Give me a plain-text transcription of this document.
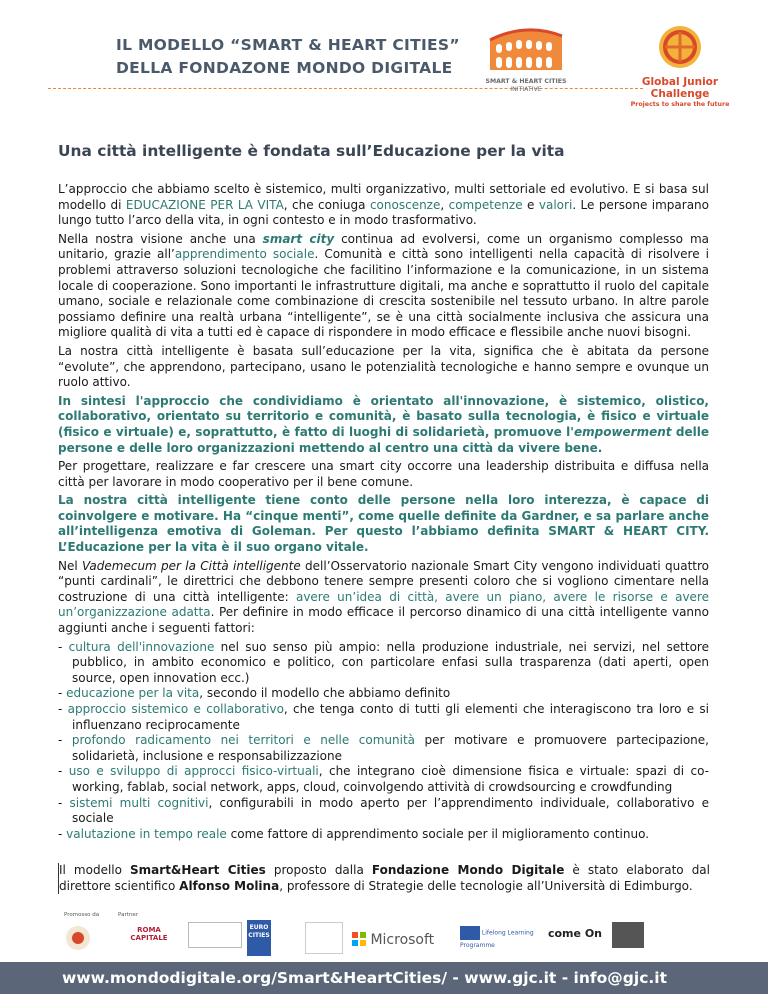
IL MODELLO “SMART & HEART CITIES”
DELLA FONDAZONE MONDO DIGITALE
SMART & HEART CITIES
INITIATIVE
Global Junior Challenge
Projects to share the future
Una città intelligente è fondata sull’Educazione per la vita

L’approccio che abbiamo scelto è sistemico, multi organizzativo, multi settoriale ed evolutivo. E si basa sul modello di EDUCAZIONE PER LA VITA, che coniuga conoscenze, competenze e valori. Le persone imparano lungo tutto l’arco della vita, in ogni contesto e in modo trasformativo.

Nella nostra visione anche una smart city continua ad evolversi, come un organismo complesso ma unitario, grazie all’apprendimento sociale. Comunità e città sono intelligenti nella capacità di risolvere i problemi attraverso soluzioni tecnologiche che facilitino l’informazione e la comunicazione, in un sistema locale di cooperazione. Sono importanti le infrastrutture digitali, ma anche e soprattutto il ruolo del capitale umano, sociale e relazionale come combinazione di crescita sostenibile nel tessuto urbano. In altre parole possiamo definire una realtà urbana “intelligente”, se è una città socialmente inclusiva che assicura una migliore qualità di vita a tutti ed è capace di rispondere in modo efficace e flessibile anche nuovi bisogni.

La nostra città intelligente è basata sull’educazione per la vita, significa che è abitata da persone “evolute”, che apprendono, partecipano, usano le potenzialità tecnologiche e hanno sempre e ovunque un ruolo attivo.

In sintesi l'approccio che condividiamo è orientato all'innovazione, è sistemico, olistico, collaborativo, orientato su territorio e comunità, è basato sulla tecnologia, è fisico e virtuale (fisico e virtuale) e, soprattutto, è fatto di luoghi di solidarietà, promuove l'empowerment delle persone e delle loro organizzazioni mettendo al centro una città da vivere bene.

Per progettare, realizzare e far crescere una smart city occorre una leadership distribuita e diffusa nella città per lavorare in modo cooperativo per il bene comune.

La nostra città intelligente tiene conto delle persone nella loro interezza, è capace di coinvolgere e motivare. Ha “cinque menti”, come quelle definite da Gardner, e sa parlare anche all’intelligenza emotiva di Goleman. Per questo l’abbiamo definita SMART & HEART CITY. L’Educazione per la vita è il suo organo vitale.

Nel Vademecum per la Città intelligente dell’Osservatorio nazionale Smart City vengono individuati quattro “punti cardinali”, le direttrici che debbono tenere sempre presenti coloro che si vogliono cimentare nella costruzione di una città intelligente: avere un’idea di città, avere un piano, avere le risorse e avere un’organizzazione adatta. Per definire in modo efficace il percorso dinamico di una città intelligente vanno aggiunti anche i seguenti fattori:

- cultura dell'innovazione nel suo senso più ampio: nella produzione industriale, nei servizi, nel settore pubblico, in ambito economico e politico, con particolare enfasi sulla trasparenza (dati aperti, open source, open innovation ecc.)
- educazione per la vita, secondo il modello che abbiamo definito
- approccio sistemico e collaborativo, che tenga conto di tutti gli elementi che interagiscono tra loro e si influenzano reciprocamente
- profondo radicamento nei territori e nelle comunità per motivare e promuovere partecipazione, solidarietà, inclusione e responsabilizzazione
- uso e sviluppo di approcci fisico-virtuali, che integrano cioè dimensione fisica e virtuale: spazi di co-working, fablab, social network, apps, cloud, coinvolgendo attività di crowdsourcing e crowdfunding
- sistemi multi cognitivi, configurabili in modo aperto per l’apprendimento individuale, collaborativo e sociale
- valutazione in tempo reale come fattore di apprendimento sociale per il miglioramento continuo.

Il modello Smart&Heart Cities proposto dalla Fondazione Mondo Digitale è stato elaborato dal direttore scientifico Alfonso Molina, professore di Strategie delle tecnologie all’Università di Edimburgo.

Promosso da	Partner
ROMA CAPITALE
EURO CITIES	Microsoft	Lifelong Learning Programme
come On
www.mondodigitale.org/Smart&HeartCities/ - www.gjc.it - info@gjc.it
